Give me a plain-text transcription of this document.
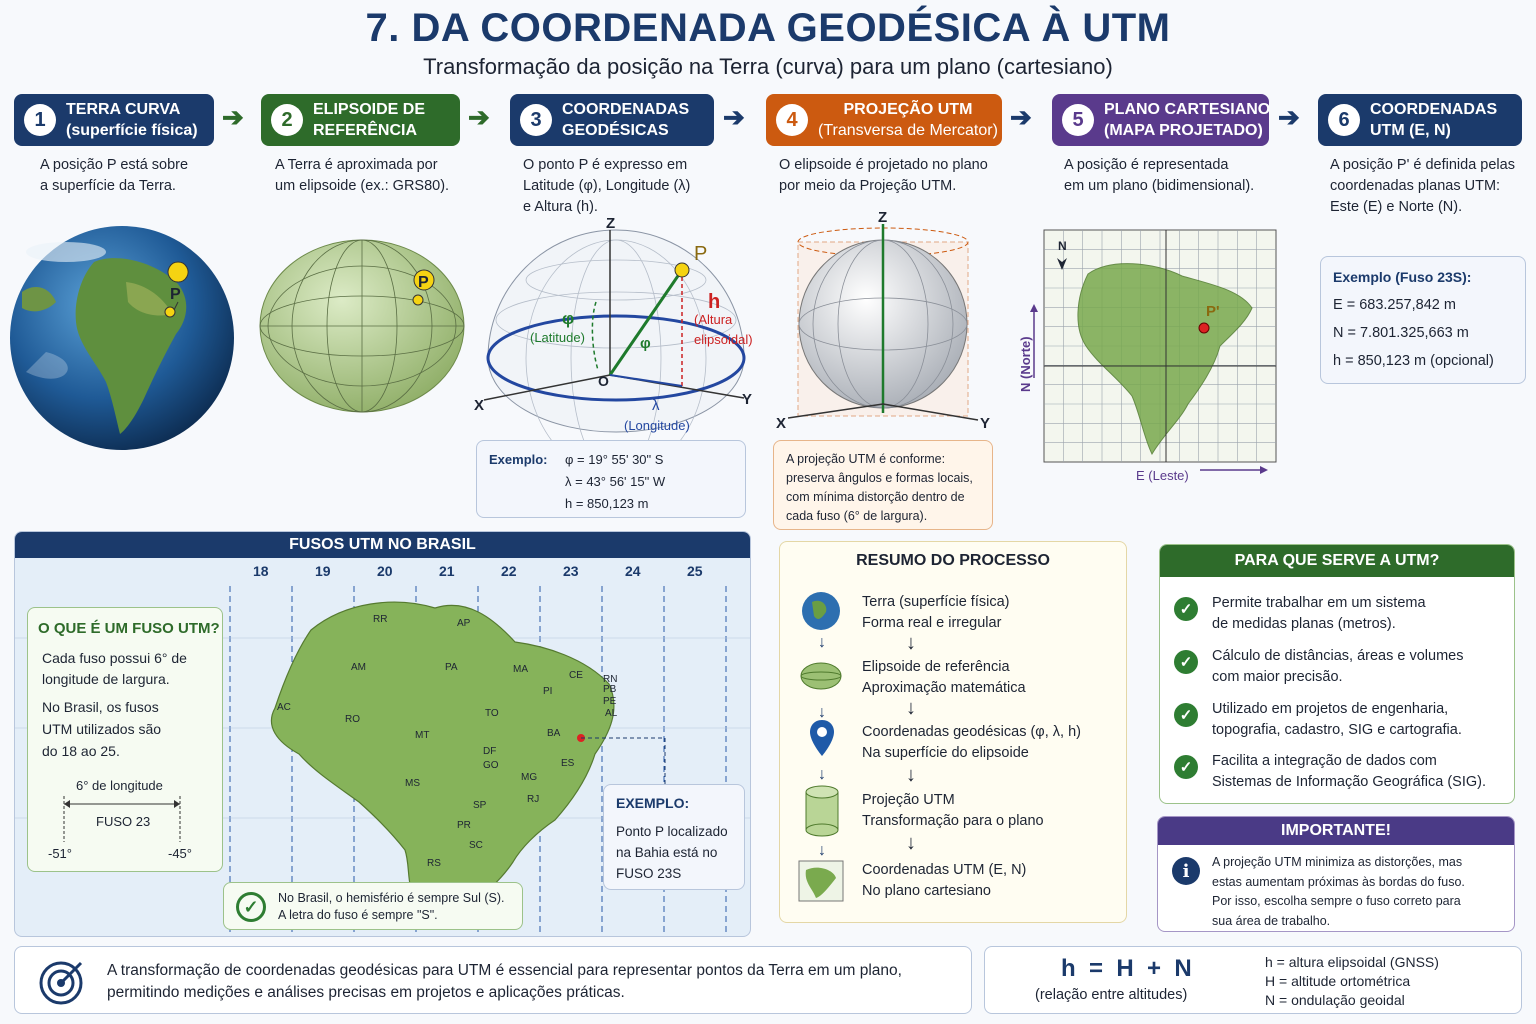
7. DA COORDENADA GEODÉSICA À UTM
Transformação da posição na Terra (curva) para um plano (cartesiano)
1	TERRA CURVA
(superfície física) ➔	2	ELIPSOIDE DE
REFERÊNCIA	➔	3	COORDENADAS
GEODÉSICAS	➔	4	PROJEÇÃO UTM
(Transversa de Mercator) ➔	5	PLANO CARTESIANO
(MAPA PROJETADO) ➔	6	COORDENADAS
UTM (E, N)
A posição P está sobre
a superfície da Terra.
A Terra é aproximada por
um elipsoide (ex.: GRS80).
O ponto P é expresso em
Latitude (φ), Longitude (λ)
e Altura (h).
O elipsoide é projetado no plano
por meio da Projeção UTM.
A posição é representada
em um plano (bidimensional).
A posição P' é definida pelas
coordenadas planas UTM:
Este (E) e Norte (N).
P
P
Z
X	Y
O
P
φ
(Latitude)	φ
λ
(Longitude)
h
(Altura
elipsoidal)
Exemplo: φ = 19° 55' 30" S
λ = 43° 56' 15" W
h = 850,123 m
Z
X	Y
A projeção UTM é conforme:
preserva ângulos e formas locais,
com mínima distorção dentro de
cada fuso (6° de largura).
P'
N
N (Norte)
E (Leste)
Exemplo (Fuso 23S):
E = 683.257,842 m
N = 7.801.325,663 m
h = 850,123 m (opcional)
FUSOS UTM NO BRASIL
18	19	20	21	22	23	24	25
RR	AP
AM	PA	MA
CE RN
PB
PE
AC
RO
TO
PI
AL
BA
MT
DF
GO
MG
MS
SP
RJ
PR
SC
RS
ES
O QUE É UM FUSO UTM?
Cada fuso possui 6° de
longitude de largura.
No Brasil, os fusos
UTM utilizados são
do 18 ao 25.
6° de longitude
FUSO 23
-51°	-45°
EXEMPLO:
Ponto P localizado
na Bahia está no
FUSO 23S
✓	No Brasil, o hemisfério é sempre Sul (S).
A letra do fuso é sempre "S".
RESUMO DO PROCESSO
↓
↓
↓
↓
Terra (superfície física)
Forma real e irregular
↓
Elipsoide de referência
Aproximação matemática
↓
Coordenadas geodésicas (φ, λ, h)
Na superfície do elipsoide
↓
Projeção UTM
Transformação para o plano
↓
Coordenadas UTM (E, N)
No plano cartesiano
PARA QUE SERVE A UTM?
✓	Permite trabalhar em um sistema
de medidas planas (metros).
✓	Cálculo de distâncias, áreas e volumes
com maior precisão.
✓	Utilizado em projetos de engenharia,
topografia, cadastro, SIG e cartografia.
✓	Facilita a integração de dados com
Sistemas de Informação Geográfica (SIG).
IMPORTANTE!
i	A projeção UTM minimiza as distorções, mas
estas aumentam próximas às bordas do fuso.
Por isso, escolha sempre o fuso correto para
sua área de trabalho.
A transformação de coordenadas geodésicas para UTM é essencial para representar pontos da Terra em um plano,
permitindo medições e análises precisas em projetos e aplicações práticas.
h  =  H  +  N
(relação entre altitudes)
h = altura elipsoidal (GNSS)
H = altitude ortométrica
N = ondulação geoidal
